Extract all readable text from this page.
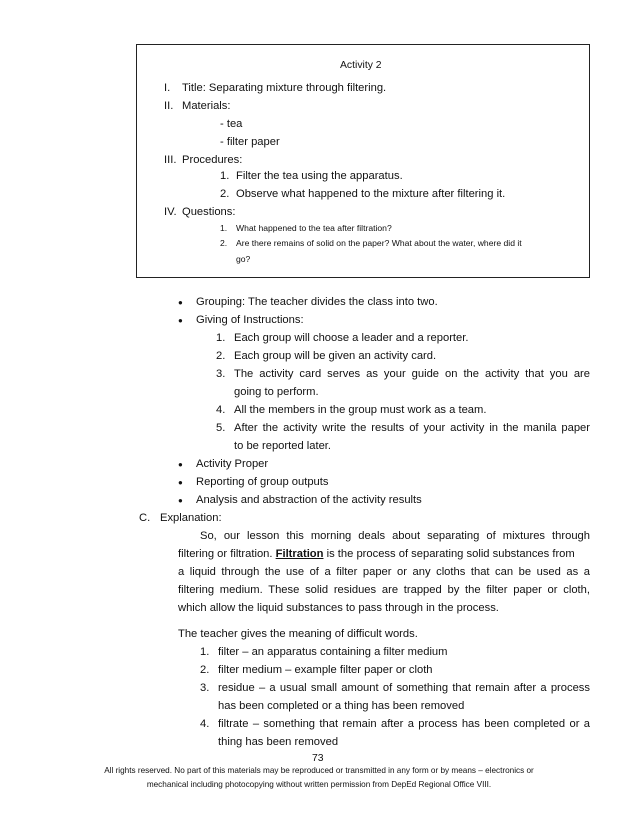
Activity 2
I. Title: Separating mixture through filtering.
II. Materials:
- tea
- filter paper
III. Procedures:
1. Filter the tea using the apparatus.
2. Observe what happened to the mixture after filtering it.
IV. Questions:
1. What happened to the tea after filtration?
2. Are there remains of solid on the paper? What about the water, where did it
go?
● Grouping: The teacher divides the class into two.
● Giving of Instructions:
1. Each group will choose a leader and a reporter.
2. Each group will be given an activity card.
3. The activity card serves as your guide on the activity that you are
going to perform.
4. All the members in the group must work as a team.
5. After the activity write the results of your activity in the manila paper
to be reported later.
● Activity Proper
● Reporting of group outputs
● Analysis and abstraction of the activity results
C. Explanation:
So, our lesson this morning deals about separating of mixtures through
filtering or filtration. Filtration is the process of separating solid substances from
a liquid through the use of a filter paper or any cloths that can be used as a
filtering medium. These solid residues are trapped by the filter paper or cloth,
which allow the liquid substances to pass through in the process.
The teacher gives the meaning of difficult words.
1. filter – an apparatus containing a filter medium
2. filter medium – example filter paper or cloth
3. residue – a usual small amount of something that remain after a process
has been completed or a thing has been removed
4. filtrate – something that remain after a process has been completed or a
thing has been removed
73
All rights reserved. No part of this materials may be reproduced or transmitted in any form or by means – electronics or
mechanical including photocopying without written permission from DepEd Regional Office VIII.
